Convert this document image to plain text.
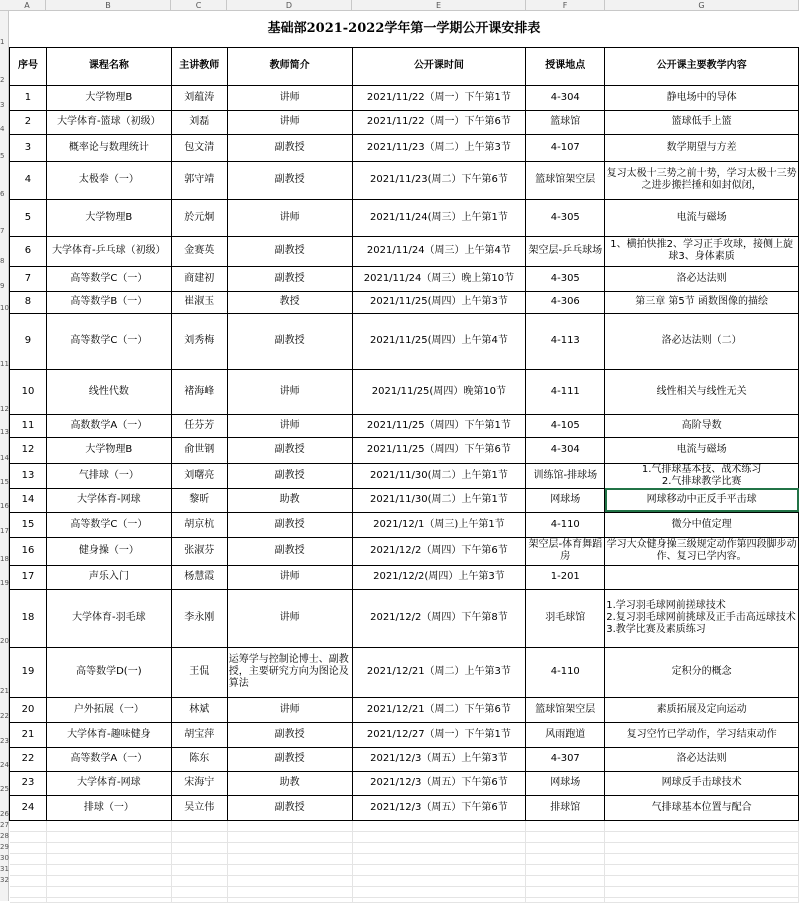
A	B	C	D	E	F	G
1
2
3
4
5
6
7
8
9
10
11
12
13
14
15
16
17
18
19
20
21
22
23
24
25
26
27
28
29
30
31
32
基础部2021-2022学年第一学期公开课安排表						
序号	课程名称	主讲教师	教师简介	公开课时间	授课地点	公开课主要教学内容
1	大学物理B	刘蕴涛	讲师	2021/11/22（周一）下午第1节	4-304	静电场中的导体
2	大学体育-篮球（初级）	刘磊	讲师	2021/11/22（周一）下午第6节	篮球馆	篮球低手上篮
3	概率论与数理统计	包文清	副教授	2021/11/23（周二）上午第3节	4-107	数学期望与方差
4	太极拳（一）	郭守靖	副教授	2021/11/23(周二）下午第6节	篮球馆架空层	复习太极十三势之前十势，学习太极十三势之进步搬拦捶和如封似闭，
5	大学物理B	於元炯	讲师	2021/11/24(周三）上午第1节	4-305	电流与磁场
6	大学体育-乒乓球（初级）	金赛英	副教授	2021/11/24（周三）上午第4节	架空层-乒乓球场	1、横拍快推2、学习正手攻球，接侧上旋球3、身体素质
7	高等数学C（一）	商建初	副教授	2021/11/24（周三）晚上第10节	4-305	洛必达法则
8	高等数学B（一）	崔淑玉	教授	2021/11/25(周四）上午第3节	4-306	第三章 第5节 函数图像的描绘
9	高等数学C（一）	刘秀梅	副教授	2021/11/25(周四）上午第4节	4-113	洛必达法则（二）
10	线性代数	褚海峰	讲师	2021/11/25(周四）晚第10节	4-111	线性相关与线性无关
11	高数数学A（一）	任芬芳	讲师	2021/11/25（周四）下午第1节	4-105	高阶导数
12	大学物理B	俞世钢	副教授	2021/11/25（周四）下午第6节	4-304	电流与磁场
13	气排球（一）	刘曙亮	副教授	2021/11/30(周二）上午第1节	训练馆-排球场	1.气排球基本技、战术练习
2.气排球教学比赛
14	大学体育-网球	黎昕	助教	2021/11/30(周二）上午第1节	网球场	网球移动中正反手平击球
15	高等数学C（一）	胡京杭	副教授	2021/12/1（周三)上午第1节	4-110	微分中值定理
16	健身操（一）	张淑芬	副教授	2021/12/2（周四）下午第6节	架空层-体育舞蹈房	学习大众健身操三级规定动作第四段脚步动作、复习已学内容。
17	声乐入门	杨慧霞	讲师	2021/12/2(周四）上午第3节	1-201	
18	大学体育-羽毛球	李永刚	讲师	2021/12/2（周四）下午第8节	羽毛球馆	1.学习羽毛球网前搓球技术
2.复习羽毛球网前挑球及正手击高远球技术
3.教学比赛及素质练习
19	高等数学D(一)	王侃	运筹学与控制论博士、副教授，主要研究方向为图论及算法	2021/12/21（周二）上午第3节	4-110	定积分的概念
20	户外拓展（一）	林斌	讲师	2021/12/21（周二）下午第6节	篮球馆架空层	素质拓展及定向运动
21	大学体育-趣味健身	胡宝萍	副教授	2021/12/27（周一）下午第1节	风雨跑道	复习空竹已学动作，学习结束动作
22	高等数学A（一）	陈东	副教授	2021/12/3（周五）上午第3节	4-307	洛必达法则
23	大学体育-网球	宋海宁	助教	2021/12/3（周五）下午第6节	网球场	网球反手击球技术
24	排球（一）	吴立伟	副教授	2021/12/3（周五）下午第6节	排球馆	气排球基本位置与配合
